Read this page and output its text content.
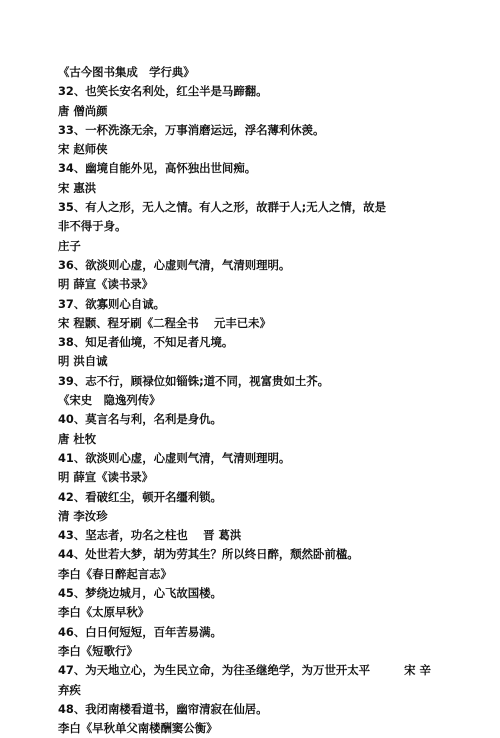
《古今图书集成　学行典》
32、也笑长安名利处，红尘半是马蹄翻。
唐 僧尚颜
33、一杯洗涤无余，万事消磨运远，浮名薄利休羡。
宋 赵师侠
34、幽境自能外见，高怀独出世间痴。
宋 惠洪
35、有人之形，无人之情。有人之形，故群于人;无人之情，故是
非不得于身。
庄子
36、欲淡则心虚，心虚则气清，气清则理明。
明 薛宣《读书录》
37、欲寡则心自诚。
宋 程颢、程牙刷《二程全书　 元丰已未》
38、知足者仙境，不知足者凡境。
明 洪自诚
39、志不行，顾禄位如锱铢;道不同，视富贵如土芥。
《宋史　隐逸列传》
40、莫言名与利，名利是身仇。
唐 杜牧
41、欲淡则心虚，心虚则气清，气清则理明。
明 薛宣《读书录》
42、看破红尘，顿开名缰利锁。
清 李汝珍
43、坚志者，功名之柱也　 晋 葛洪
44、处世若大梦，胡为劳其生？所以终日醉，颓然卧前楹。
李白《春日醉起言志》
45、梦绕边城月，心飞故国楼。
李白《太原早秋》
46、白日何短短，百年苦易满。
李白《短歌行》
47、为天地立心，为生民立命，为往圣继绝学，为万世开太平　　　宋 辛
弃疾
48、我闭南楼看道书，幽帘清寂在仙居。
李白《早秋单父南楼酬窦公衡》
